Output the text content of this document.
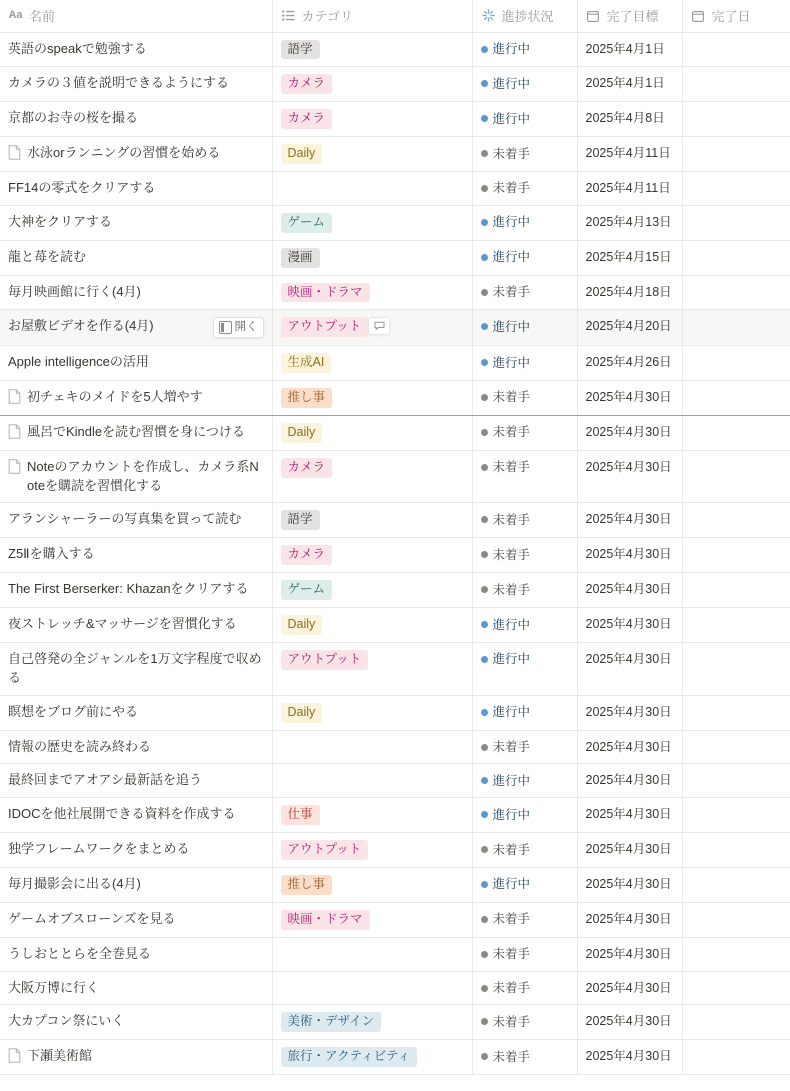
Aa 名前	カテゴリ	進捗状況	完了目標	完了日

英語のspeakで勉強する	語学	進行中	2025年4月1日	

カメラの３値を説明できるようにする	カメラ	進行中	2025年4月1日	

京都のお寺の桜を撮る	カメラ	進行中	2025年4月8日	

水泳orランニングの習慣を始める	Daily	未着手	2025年4月11日	

FF14の零式をクリアする		未着手	2025年4月11日	

大神をクリアする	ゲーム	進行中	2025年4月13日	

龍と苺を読む	漫画	進行中	2025年4月15日	

毎月映画館に行く(4月)	映画・ドラマ	未着手	2025年4月18日	

お屋敷ビデオを作る(4月) 開く	アウトプット	進行中	2025年4月20日	

Apple intelligenceの活用	生成AI	進行中	2025年4月26日	

初チェキのメイドを5人増やす	推し事	未着手	2025年4月30日	

風呂でKindleを読む習慣を身につける	Daily	未着手	2025年4月30日	

Noteのアカウントを作成し、カメラ系Noteを購読を習慣化する	カメラ	未着手	2025年4月30日	

アランシャーラーの写真集を買って読む	語学	未着手	2025年4月30日	

Z5Ⅱを購入する	カメラ	未着手	2025年4月30日	

The First Berserker: Khazanをクリアする	ゲーム	未着手	2025年4月30日	

夜ストレッチ&マッサージを習慣化する	Daily	進行中	2025年4月30日	

自己啓発の全ジャンルを1万文字程度で収める	アウトプット	進行中	2025年4月30日	

瞑想をブログ前にやる	Daily	進行中	2025年4月30日	

情報の歴史を読み終わる		未着手	2025年4月30日	

最終回までアオアシ最新話を追う		進行中	2025年4月30日	

IDOCを他社展開できる資料を作成する	仕事	進行中	2025年4月30日	

独学フレームワークをまとめる	アウトプット	未着手	2025年4月30日	

毎月撮影会に出る(4月)	推し事	進行中	2025年4月30日	

ゲームオブスローンズを見る	映画・ドラマ	未着手	2025年4月30日	

うしおととらを全巻見る		未着手	2025年4月30日	

大阪万博に行く		未着手	2025年4月30日	

大カプコン祭にいく	美術・デザイン	未着手	2025年4月30日	

下瀬美術館	旅行・アクティビティ	未着手	2025年4月30日	
